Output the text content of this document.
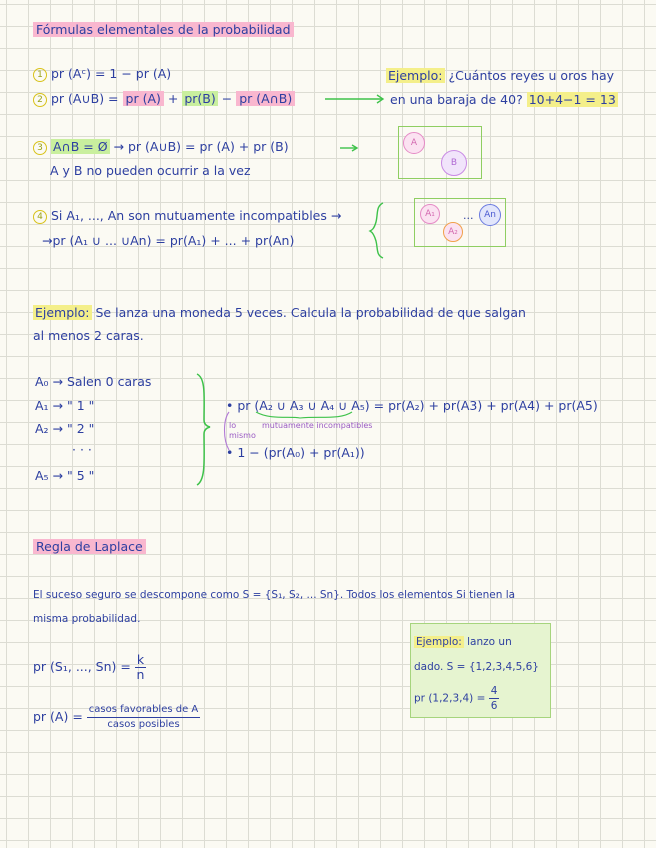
Fórmulas elementales de la probabilidad
1 pr (Aᶜ) = 1 − pr (A)
2 pr (A∪B) = pr (A) + pr(B) − pr (A∩B)
Ejemplo: ¿Cuántos reyes u oros hay
en una baraja de 40? 10+4−1 = 13
3 A∩B = Ø → pr (A∪B) = pr (A) + pr (B)
A y B no pueden ocurrir a la vez
A
B
4 Si A₁, ..., An son mutuamente incompatibles →
→pr (A₁ ∪ ... ∪An) = pr(A₁) + ... + pr(An)
A₁
A₂
...	An
Ejemplo: Se lanza una moneda 5 veces. Calcula la probabilidad de que salgan
al menos 2 caras.
A₀ → Salen 0 caras
A₁ → " 1 "
A₂ → " 2 "
· · ·
A₅ → " 5 "
• pr (A₂ ∪ A₃ ∪ A₄ ∪ A₅) = pr(A₂) + pr(A3) + pr(A4) + pr(A5)
mutuamente incompatibles
lo mismo
• 1 − (pr(A₀) + pr(A₁))
Regla de Laplace
El suceso seguro se descompone como S = {S₁, S₂, ... Sn}. Todos los elementos Si tienen la
misma probabilidad.
pr (S₁, ..., $Sn) = \frac{k}{n}$
pr $(A) = \frac{\text{casos favorables de A}}{\text{casos posibles}}$
Ejemplo: lanzo un
dado. S = {1,2,3,4,5,6}
pr $(1,2,3,4) = \frac{4}{6}$
